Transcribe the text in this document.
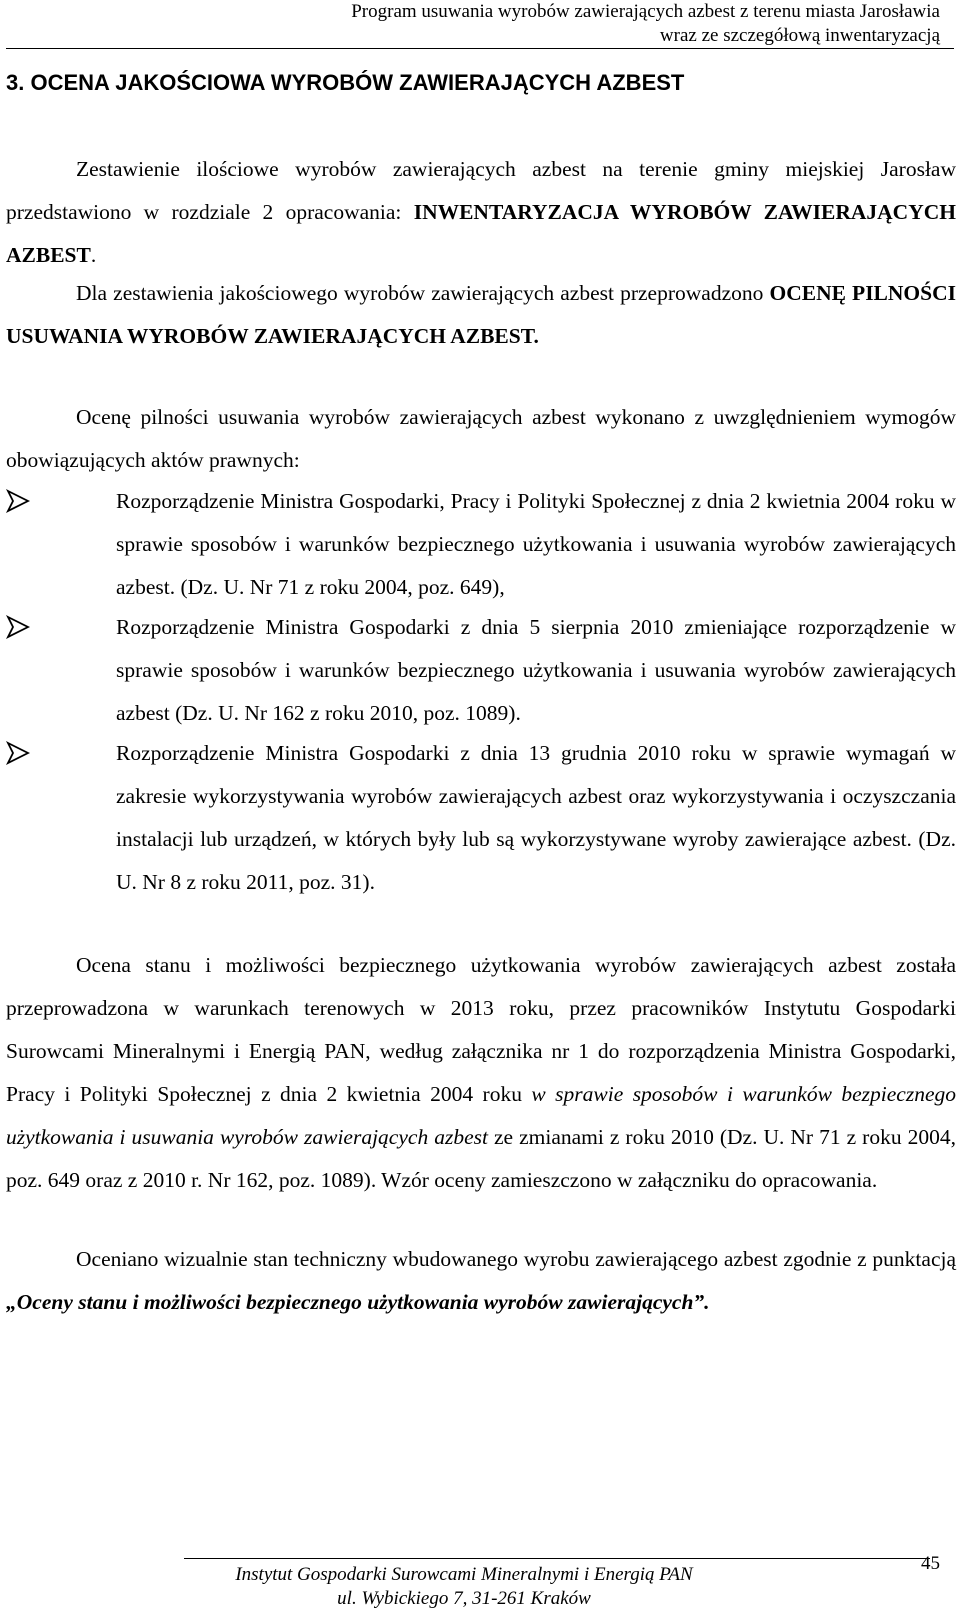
Program usuwania wyrobów zawierających azbest z terenu miasta Jarosławia
wraz ze szczegółową inwentaryzacją
3. OCENA JAKOŚCIOWA WYROBÓW ZAWIERAJĄCYCH AZBEST

Zestawienie ilościowe wyrobów zawierających azbest na terenie gminy miejskiej Jarosław przedstawiono w rozdziale 2 opracowania: INWENTARYZACJA WYROBÓW ZAWIERAJĄCYCH AZBEST.

Dla zestawienia jakościowego wyrobów zawierających azbest przeprowadzono OCENĘ PILNOŚCI USUWANIA WYROBÓW ZAWIERAJĄCYCH AZBEST.

Ocenę pilności usuwania wyrobów zawierających azbest wykonano z uwzględnieniem wymogów obowiązujących aktów prawnych:

Rozporządzenie Ministra Gospodarki, Pracy i Polityki Społecznej z dnia 2 kwietnia 2004 roku w sprawie sposobów i warunków bezpiecznego użytkowania i usuwania wyrobów zawierających azbest. (Dz. U. Nr 71 z roku 2004, poz. 649),
Rozporządzenie Ministra Gospodarki z dnia 5 sierpnia 2010 zmieniające rozporządzenie w sprawie sposobów i warunków bezpiecznego użytkowania i usuwania wyrobów zawierających azbest (Dz. U. Nr 162 z roku 2010, poz. 1089).
Rozporządzenie Ministra Gospodarki z dnia 13 grudnia 2010 roku w sprawie wymagań w zakresie wykorzystywania wyrobów zawierających azbest oraz wykorzystywania i oczyszczania instalacji lub urządzeń, w których były lub są wykorzystywane wyroby zawierające azbest. (Dz. U. Nr 8 z roku 2011, poz. 31).

Ocena stanu i możliwości bezpiecznego użytkowania wyrobów zawierających azbest została przeprowadzona w warunkach terenowych w 2013 roku, przez pracowników Instytutu Gospodarki Surowcami Mineralnymi i Energią PAN, według załącznika nr 1 do rozporządzenia Ministra Gospodarki, Pracy i Polityki Społecznej z dnia 2 kwietnia 2004 roku w sprawie sposobów i warunków bezpiecznego użytkowania i usuwania wyrobów zawierających azbest ze zmianami z roku 2010 (Dz. U. Nr 71 z roku 2004, poz. 649 oraz z 2010 r. Nr 162, poz. 1089). Wzór oceny zamieszczono w załączniku do opracowania.

Oceniano wizualnie stan techniczny wbudowanego wyrobu zawierającego azbest zgodnie z punktacją „Oceny stanu i możliwości bezpiecznego użytkowania wyrobów zawierających”.

Instytut Gospodarki Surowcami Mineralnymi i Energią PAN
ul. Wybickiego 7, 31-261 Kraków
45
